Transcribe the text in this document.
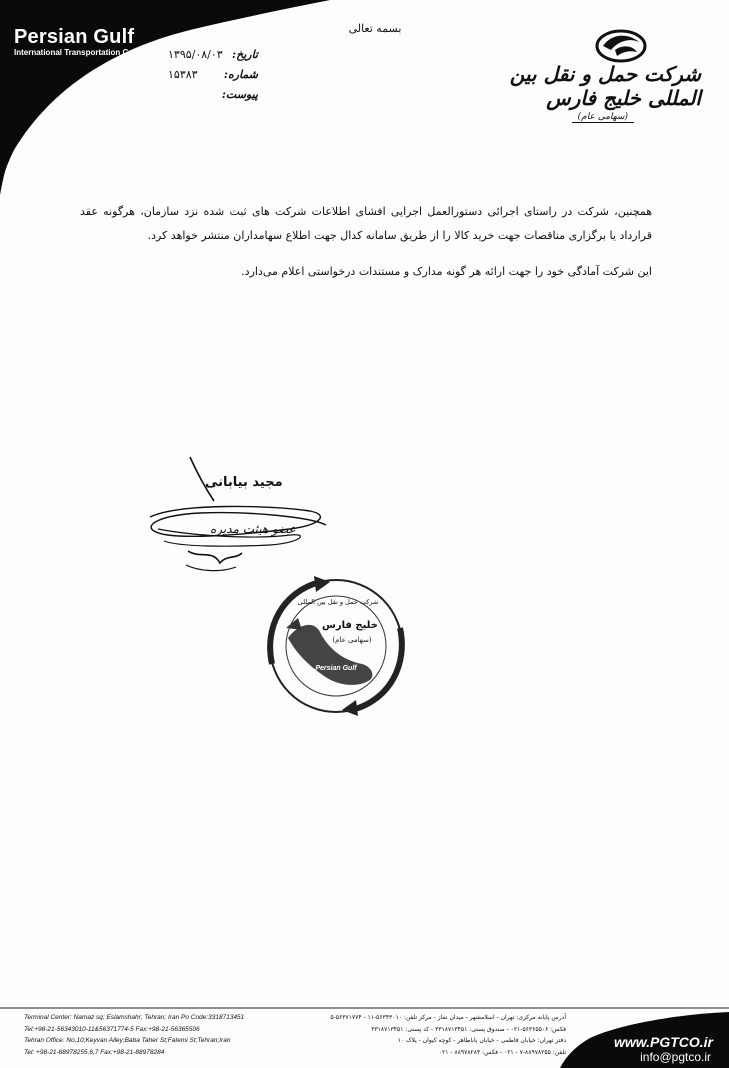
Persian Gulf
International Transportation Co.
بسمه تعالی
تاریخ:
۱۳۹۵/۰۸/۰۳
شماره:
۱۵۳۸۳
پیوست:
شرکت حمل و نقل بین المللی خلیج فارس
(سهامی عام)

همچنین، شرکت در راستای اجرائی دستورالعمل اجرایی افشای اطلاعات شرکت های ثبت شده نزد سازمان، هرگونه عقد قرارداد یا برگزاری مناقصات جهت خرید کالا را از طریق سامانه کدال جهت اطلاع سهامداران منتشر خواهد کرد.

این شرکت آمادگی خود را جهت ارائه هر گونه مدارک و مستندات درخواستی اعلام می‌دارد.

مجید بیابانی
عضو هیئت مدیره
خلیج فارس
(سهامی عام)
شرکت حمل و نقل بین المللی
Persian Gulf
Terminal Center: Namaz sq; Eslamshahr; Tehran; Iran Po Code:3318713451
Tel:+98-21-56343010-11&56371774-5 Fax:+98-21-56365506
Tehran Office: No.10;Keyvan Alley;Baba Taher St;Fatemi St;Tehran;Iran
Tel: +98-21-88978255,6,7 Fax:+98-21-88978284
آدرس پایانه مرکزی: تهران - اسلامشهر - میدان نماز - مرکز تلفن: ۵۶۳۴۳۰۱۰-۱۱ - ۵۶۳۷۱۷۷۴-۵
فکس: ۵۶۳۶۵۵۰۶-۰۲۱ - صندوق پستی: ۳۳۱۸۷۱۳۴۵۱ - کد پستی: ۳۳۱۸۷۱۳۴۵۱
دفتر تهران: خیابان فاطمی - خیابان باباطاهر - کوچه کیوان - پلاک ۱۰
تلفن: ۸۸۹۷۸۲۵۵-۷ - ۰۲۱ - فکس: ۸۸۹۷۸۲۸۴ - ۰۲۱
www.PGTCO.ir
info@pgtco.ir
